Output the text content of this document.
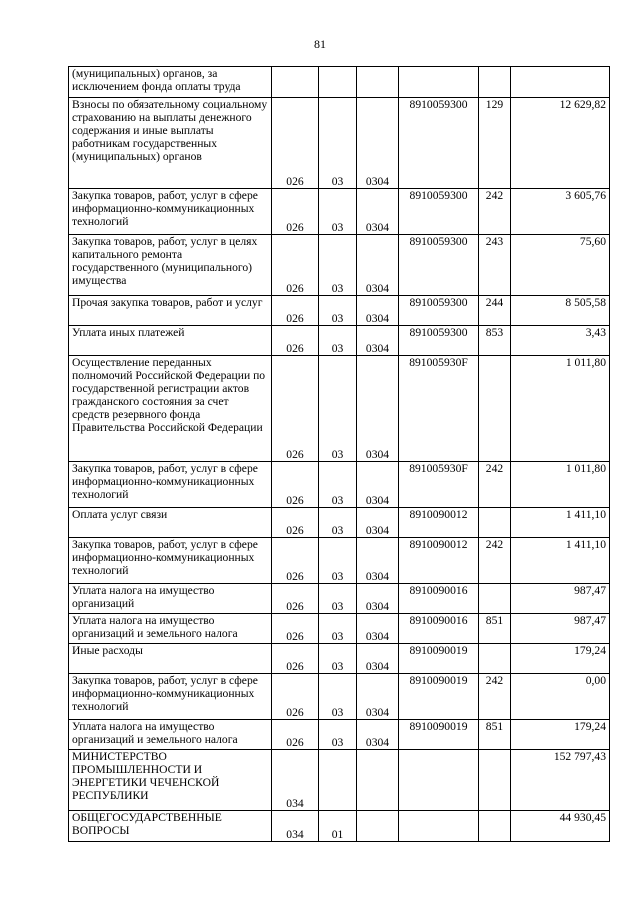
81
(муниципальных) органов, за исключением фонда оплаты труда						
Взносы по обязательному социальному страхованию на выплаты денежного содержания и иные выплаты работникам государственных (муниципальных) органов	026	03	0304	8910059300	129	12 629,82
Закупка товаров, работ, услуг в сфере информационно-коммуникационных технологий	026	03	0304	8910059300	242	3 605,76
Закупка товаров, работ, услуг в целях капитального ремонта государственного (муниципального) имущества	026	03	0304	8910059300	243	75,60
Прочая закупка товаров, работ и услуг	026	03	0304	8910059300	244	8 505,58
Уплата иных платежей	026	03	0304	8910059300	853	3,43
Осуществление переданных полномочий Российской Федерации по государственной регистрации актов гражданского состояния за счет средств резервного фонда Правительства Российской Федерации	026	03	0304	891005930F		1 011,80
Закупка товаров, работ, услуг в сфере информационно-коммуникационных технологий	026	03	0304	891005930F	242	1 011,80
Оплата услуг связи	026	03	0304	8910090012		1 411,10
Закупка товаров, работ, услуг в сфере информационно-коммуникационных технологий	026	03	0304	8910090012	242	1 411,10
Уплата налога на имущество организаций	026	03	0304	8910090016		987,47
Уплата налога на имущество организаций и земельного налога	026	03	0304	8910090016	851	987,47
Иные расходы	026	03	0304	8910090019		179,24
Закупка товаров, работ, услуг в сфере информационно-коммуникационных технологий	026	03	0304	8910090019	242	0,00
Уплата налога на имущество организаций и земельного налога	026	03	0304	8910090019	851	179,24
МИНИСТЕРСТВО ПРОМЫШЛЕННОСТИ И ЭНЕРГЕТИКИ ЧЕЧЕНСКОЙ РЕСПУБЛИКИ	034					152 797,43
ОБЩЕГОСУДАРСТВЕННЫЕ ВОПРОСЫ	034	01				44 930,45
